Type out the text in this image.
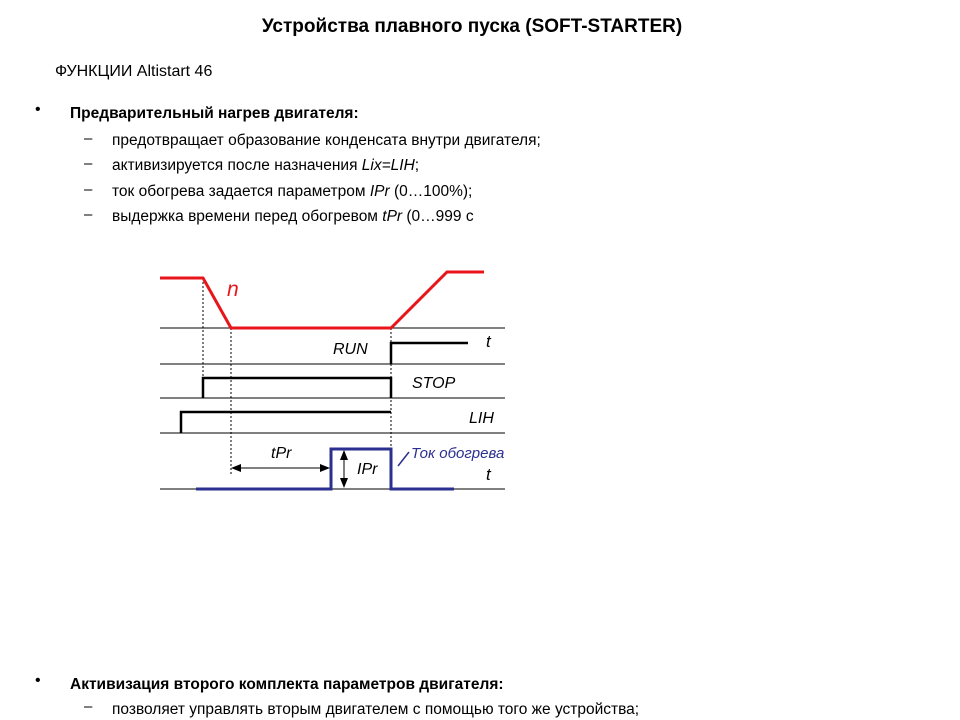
Устройства плавного пуска (SOFT-STARTER)
ФУНКЦИИ Altistart 46
• Предварительный нагрев двигателя:
– предотвращает образование конденсата внутри двигателя;
– активизируется после назначения Lix=LIH;
– ток обогрева задается параметром IPr (0…100%);
– выдержка времени перед обогревом tPr (0…999 с
n
t
RUN
STOP
LIH
tPr
IPr
Ток обогрева
t
• Активизация второго комплекта параметров двигателя:
– позволяет управлять вторым двигателем с помощью того же устройства;
